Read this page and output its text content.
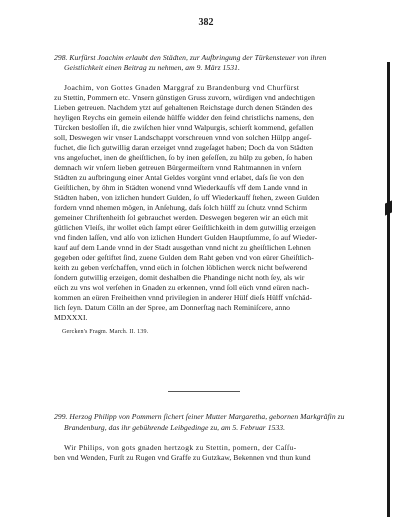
382
298. Kurfürst Joachim erlaubt den Städten, zur Aufbringung der Türkensteuer von ihren
Geistlichkeit einen Beitrag zu nehmen, am 9. März 1531.
Joachim, von Gottes Gnaden Marggraf zu Brandenburg vnd Churfürst
zu Stettin, Pommern etc. Vnsern günstigen Gruss zuvorn, würdigen vnd andechtigen
Lieben getreuen. Nachdem ytzt auf gehaltenen Reichstage durch denen Ständen des
heyligen Reychs ein gemein eilende hülffe widder den feind christlichs namens, den
Türcken besloſſen iſt, die zwiſchen hier vnnd Walpurgis, schierſt kommend, gefallen
soll, Deswegen wir vnser Landschappt vorschreuen vnnd von solchen Hülpp angeſ-
fuchet, die ſich gutwillig daran erzeiget vnnd zugeſaget haben; Doch da von Städten
vns angeſuchet, inen de gheiſtlichen, ſo by inen geſeſſen, zu hülp zu geben, ſo haben
demnach wir vnſern lieben getreuen Bürgermeiſtern vnnd Rahtmannen in vnſern
Städten zu aufbringung einer Antal Geldes vorgünt vnnd erlabet, daſs ſie von den
Geiſtlichen, by öhm in Städten wonend vnnd Wiederkaufſs vff dem Lande vnnd in
Städten haben, von izlichen hundert Gulden, ſo uff Wiederkauff ſtehen, zween Gulden
fordern vnnd nhemen mögen, in Anſehung, daſs ſolch hülff zu ſchutz vnnd Schirm
gemeiner Chriſtenheith ſol gebrauchet werden. Deswegen begeren wir an eüch mit
gütlichen Vleiſs, ihr wollet eüch ſampt eürer Geiſtlichkeith in dem gutwillig erzeigen
vnd finden laſſen, vnd alſo von izlichen Hundert Gulden Hauptſumme, ſo auf Wieder-
kauf auf dem Lande vnnd in der Stadt ausgethan vnnd nicht zu gheiſtlichen Lehnen
gegeben oder geſtiftet ſind, zuene Gulden dem Raht geben vnd von eürer Gheiſtlich-
keith zu geben verſchaffen, vnnd eüch in ſolchen löblichen werck nicht beſwerend
ſondern gutwillig erzeigen, domit deshalben die Phandinge nicht noth ſey, als wir
eüch zu vns wol verſehen in Gnaden zu erkennen, vnnd ſoll eüch vnnd eüren nach-
kommen an eüren Freiheithen vnnd privilegien in anderer Hülf dieſs Hülff vnſchäd-
lich ſeyn. Datum Cölln an der Spree, am Donnerſtag nach Reminiſcere, anno
MDXXXI.
Gercken's Fragm. March. II. 139.
299. Herzog Philipp von Pommern ſichert ſeiner Mutter Margaretha, gebornen Markgräfin zu
Brandenburg, das ihr gebührende Leibgedinge zu, am 5. Februar 1533.
Wir Philips, von gots gnaden hertzogk zu Stettin, pomern, der Caſſu-
ben vnd Wenden, Furſt zu Rugen vnd Graffe zu Gutzkaw, Bekennen vnd thun kund
